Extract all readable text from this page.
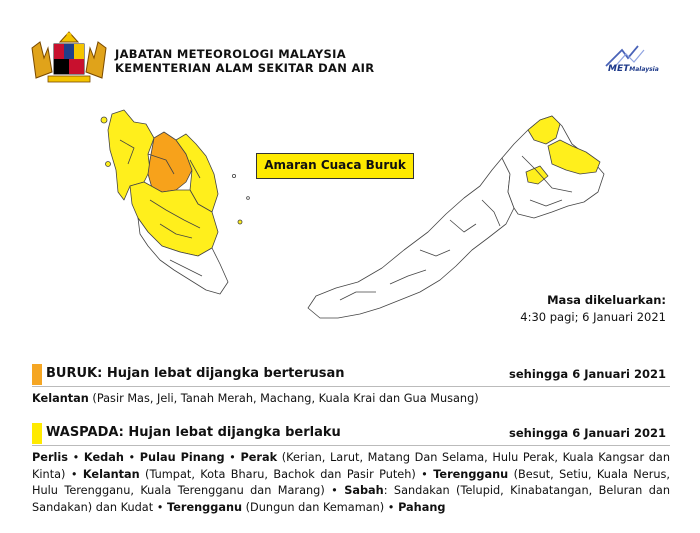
JABATAN METEOROLOGI MALAYSIA
KEMENTERIAN ALAM SEKITAR DAN AIR	METMalaysia
Amaran Cuaca Buruk
Masa dikeluarkan:
4:30 pagi; 6 Januari 2021
BURUK: Hujan lebat dijangka berterusan	sehingga 6 Januari 2021
Kelantan (Pasir Mas, Jeli, Tanah Merah, Machang, Kuala Krai dan Gua Musang)
WASPADA: Hujan lebat dijangka berlaku	sehingga 6 Januari 2021
Perlis • Kedah • Pulau Pinang • Perak (Kerian, Larut, Matang Dan Selama, Hulu Perak, Kuala Kangsar dan Kinta) • Kelantan (Tumpat, Kota Bharu, Bachok dan Pasir Puteh) • Terengganu (Besut, Setiu, Kuala Nerus, Hulu Terengganu, Kuala Terengganu dan Marang) • Sabah: Sandakan (Telupid, Kinabatangan, Beluran dan Sandakan) dan Kudat • Terengganu (Dungun dan Kemaman) • Pahang
